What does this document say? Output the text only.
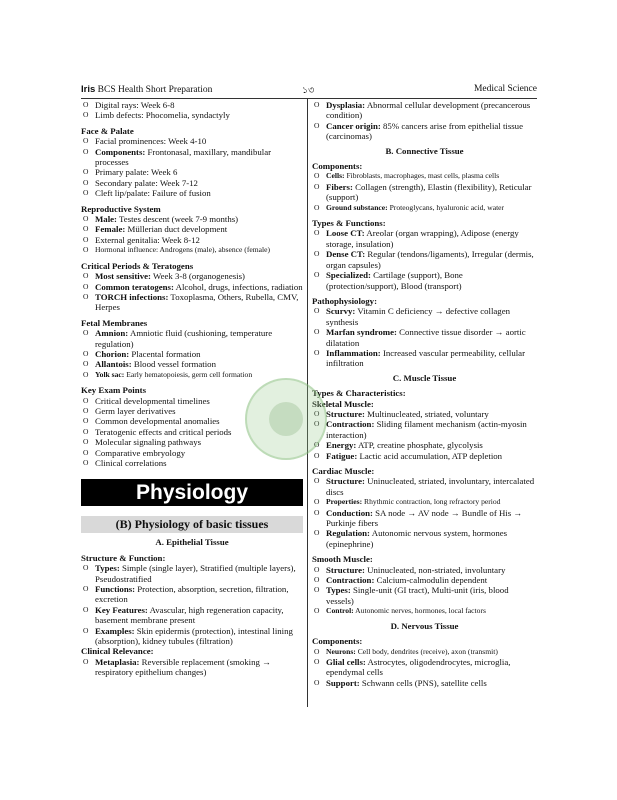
Iris BCS Health Short Preparation	১৩	Medical Science
O Digital rays: Week 6-8
O Limb defects: Phocomelia, syndactyly
Face & Palate
O Facial prominences: Week 4-10
O Components: Frontonasal, maxillary, mandibular processes
O Primary palate: Week 6
O Secondary palate: Week 7-12
O Cleft lip/palate: Failure of fusion
Reproductive System
O Male: Testes descent (week 7-9 months)
O Female: Müllerian duct development
O External genitalia: Week 8-12
O Hormonal influence: Androgens (male), absence (female)
Critical Periods & Teratogens
O Most sensitive: Week 3-8 (organogenesis)
O Common teratogens: Alcohol, drugs, infections, radiation
O TORCH infections: Toxoplasma, Others, Rubella, CMV, Herpes
Fetal Membranes
O Amnion: Amniotic fluid (cushioning, temperature regulation)
O Chorion: Placental formation
O Allantois: Blood vessel formation
O Yolk sac: Early hematopoiesis, germ cell formation
Key Exam Points
O Critical developmental timelines
O Germ layer derivatives
O Common developmental anomalies
O Teratogenic effects and critical periods
O Molecular signaling pathways
O Comparative embryology
O Clinical correlations
Physiology
(B) Physiology of basic tissues
A. Epithelial Tissue
Structure & Function:
O Types: Simple (single layer), Stratified (multiple layers), Pseudostratified
O Functions: Protection, absorption, secretion, filtration, excretion
O Key Features: Avascular, high regeneration capacity, basement membrane present
O Examples: Skin epidermis (protection), intestinal lining (absorption), kidney tubules (filtration)
Clinical Relevance:
O Metaplasia: Reversible replacement (smoking → respiratory epithelium changes)
O Dysplasia: Abnormal cellular development (precancerous condition)
O Cancer origin: 85% cancers arise from epithelial tissue (carcinomas)
B. Connective Tissue
Components:
O Cells: Fibroblasts, macrophages, mast cells, plasma cells
O Fibers: Collagen (strength), Elastin (flexibility), Reticular (support)
O Ground substance: Proteoglycans, hyaluronic acid, water
Types & Functions:
O Loose CT: Areolar (organ wrapping), Adipose (energy storage, insulation)
O Dense CT: Regular (tendons/ligaments), Irregular (dermis, organ capsules)
O Specialized: Cartilage (support), Bone (protection/support), Blood (transport)
Pathophysiology:
O Scurvy: Vitamin C deficiency → defective collagen synthesis
O Marfan syndrome: Connective tissue disorder → aortic dilatation
O Inflammation: Increased vascular permeability, cellular infiltration
C. Muscle Tissue
Types & Characteristics:
Skeletal Muscle:
O Structure: Multinucleated, striated, voluntary
O Contraction: Sliding filament mechanism (actin-myosin interaction)
O Energy: ATP, creatine phosphate, glycolysis
O Fatigue: Lactic acid accumulation, ATP depletion
Cardiac Muscle:
O Structure: Uninucleated, striated, involuntary, intercalated discs
O Properties: Rhythmic contraction, long refractory period
O Conduction: SA node → AV node → Bundle of His → Purkinje fibers
O Regulation: Autonomic nervous system, hormones (epinephrine)
Smooth Muscle:
O Structure: Uninucleated, non-striated, involuntary
O Contraction: Calcium-calmodulin dependent
O Types: Single-unit (GI tract), Multi-unit (iris, blood vessels)
O Control: Autonomic nerves, hormones, local factors
D. Nervous Tissue
Components:
O Neurons: Cell body, dendrites (receive), axon (transmit)
O Glial cells: Astrocytes, oligodendrocytes, microglia, ependymal cells
O Support: Schwann cells (PNS), satellite cells
